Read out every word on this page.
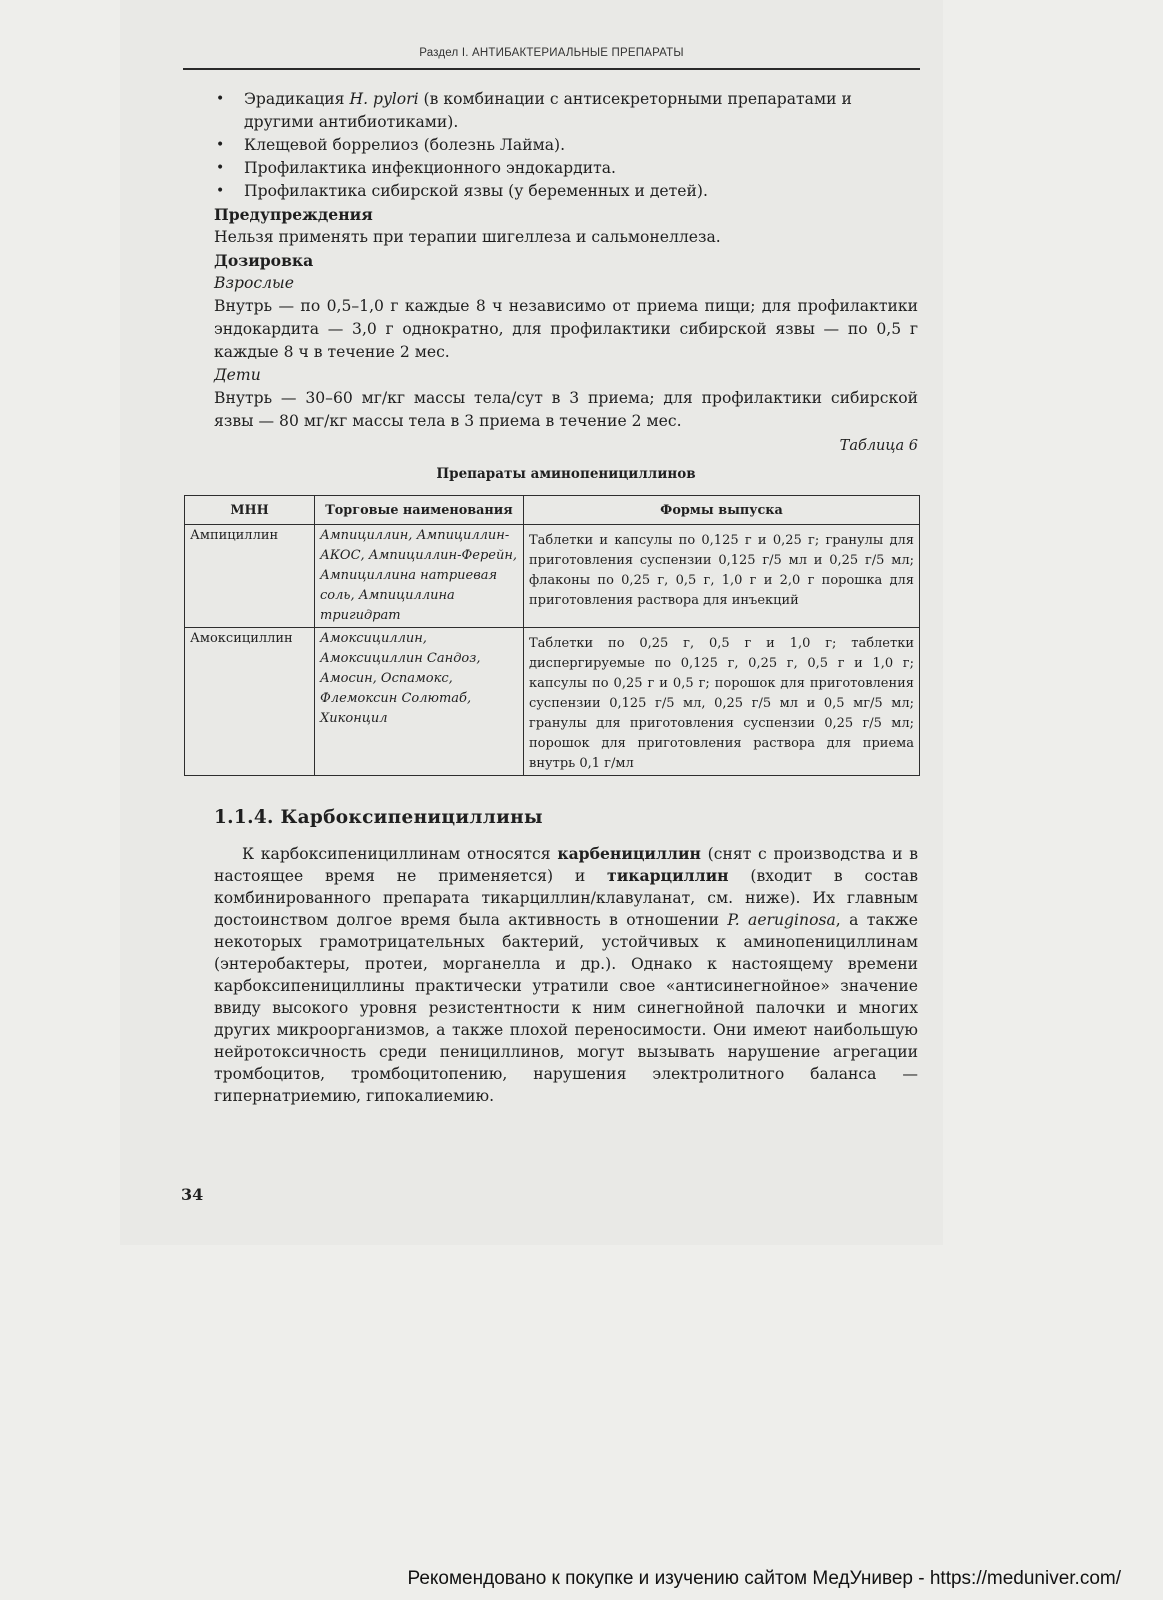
Раздел I. АНТИБАКТЕРИАЛЬНЫЕ ПРЕПАРАТЫ
• Эрадикация H. pylori (в комбинации с антисекреторными препаратами и другими антибиотиками).
• Клещевой боррелиоз (болезнь Лайма).
• Профилактика инфекционного эндокардита.
• Профилактика сибирской язвы (у беременных и детей).
Предупреждения
Нельзя применять при терапии шигеллеза и сальмонеллеза.
Дозировка
Взрослые
Внутрь — по 0,5–1,0 г каждые 8 ч независимо от приема пищи; для профилактики эндокардита — 3,0 г однократно, для профилактики сибирской язвы — по 0,5 г каждые 8 ч в течение 2 мес.
Дети
Внутрь — 30–60 мг/кг массы тела/сут в 3 приема; для профилактики сибирской язвы — 80 мг/кг массы тела в 3 приема в течение 2 мес.
Таблица 6
Препараты аминопенициллинов
МНН	Торговые наименования	Формы выпуска
Ампициллин	Ампициллин, Ампициллин-АКОС, Ампициллин-Ферейн, Ампициллина натриевая соль, Ампициллина тригидрат	Таблетки и капсулы по 0,125 г и 0,25 г; гранулы для приготовления суспензии 0,125 г/5 мл и 0,25 г/5 мл; флаконы по 0,25 г, 0,5 г, 1,0 г и 2,0 г порошка для приготовления раствора для инъекций
Амоксициллин	Амоксициллин, Амоксициллин Сандоз, Амосин, Оспамокс, Флемоксин Солютаб, Хиконцил	Таблетки по 0,25 г, 0,5 г и 1,0 г; таблетки диспергируемые по 0,125 г, 0,25 г, 0,5 г и 1,0 г; капсулы по 0,25 г и 0,5 г; порошок для приготовления суспензии 0,125 г/5 мл, 0,25 г/5 мл и 0,5 мг/5 мл; гранулы для приготовления суспензии 0,25 г/5 мл; порошок для приготовления раствора для приема внутрь 0,1 г/мл
1.1.4. Карбоксипенициллины
К карбоксипенициллинам относятся карбенициллин (снят с производства и в настоящее время не применяется) и тикарциллин (входит в состав комбинированного препарата тикарциллин/клавуланат, см. ниже). Их главным достоинством долгое время была активность в отношении P. aeruginosa, а также некоторых грамотрицательных бактерий, устойчивых к аминопенициллинам (энтеробактеры, протеи, морганелла и др.). Однако к настоящему времени карбоксипенициллины практически утратили свое «антисинегнойное» значение ввиду высокого уровня резистентности к ним синегнойной палочки и многих других микроорганизмов, а также плохой переносимости. Они имеют наибольшую нейротоксичность среди пенициллинов, могут вызывать нарушение агрегации тромбоцитов, тромбоцитопению, нарушения электролитного баланса — гипернатриемию, гипокалиемию.
34
Рекомендовано к покупке и изучению сайтом МедУнивер - https://meduniver.com/
